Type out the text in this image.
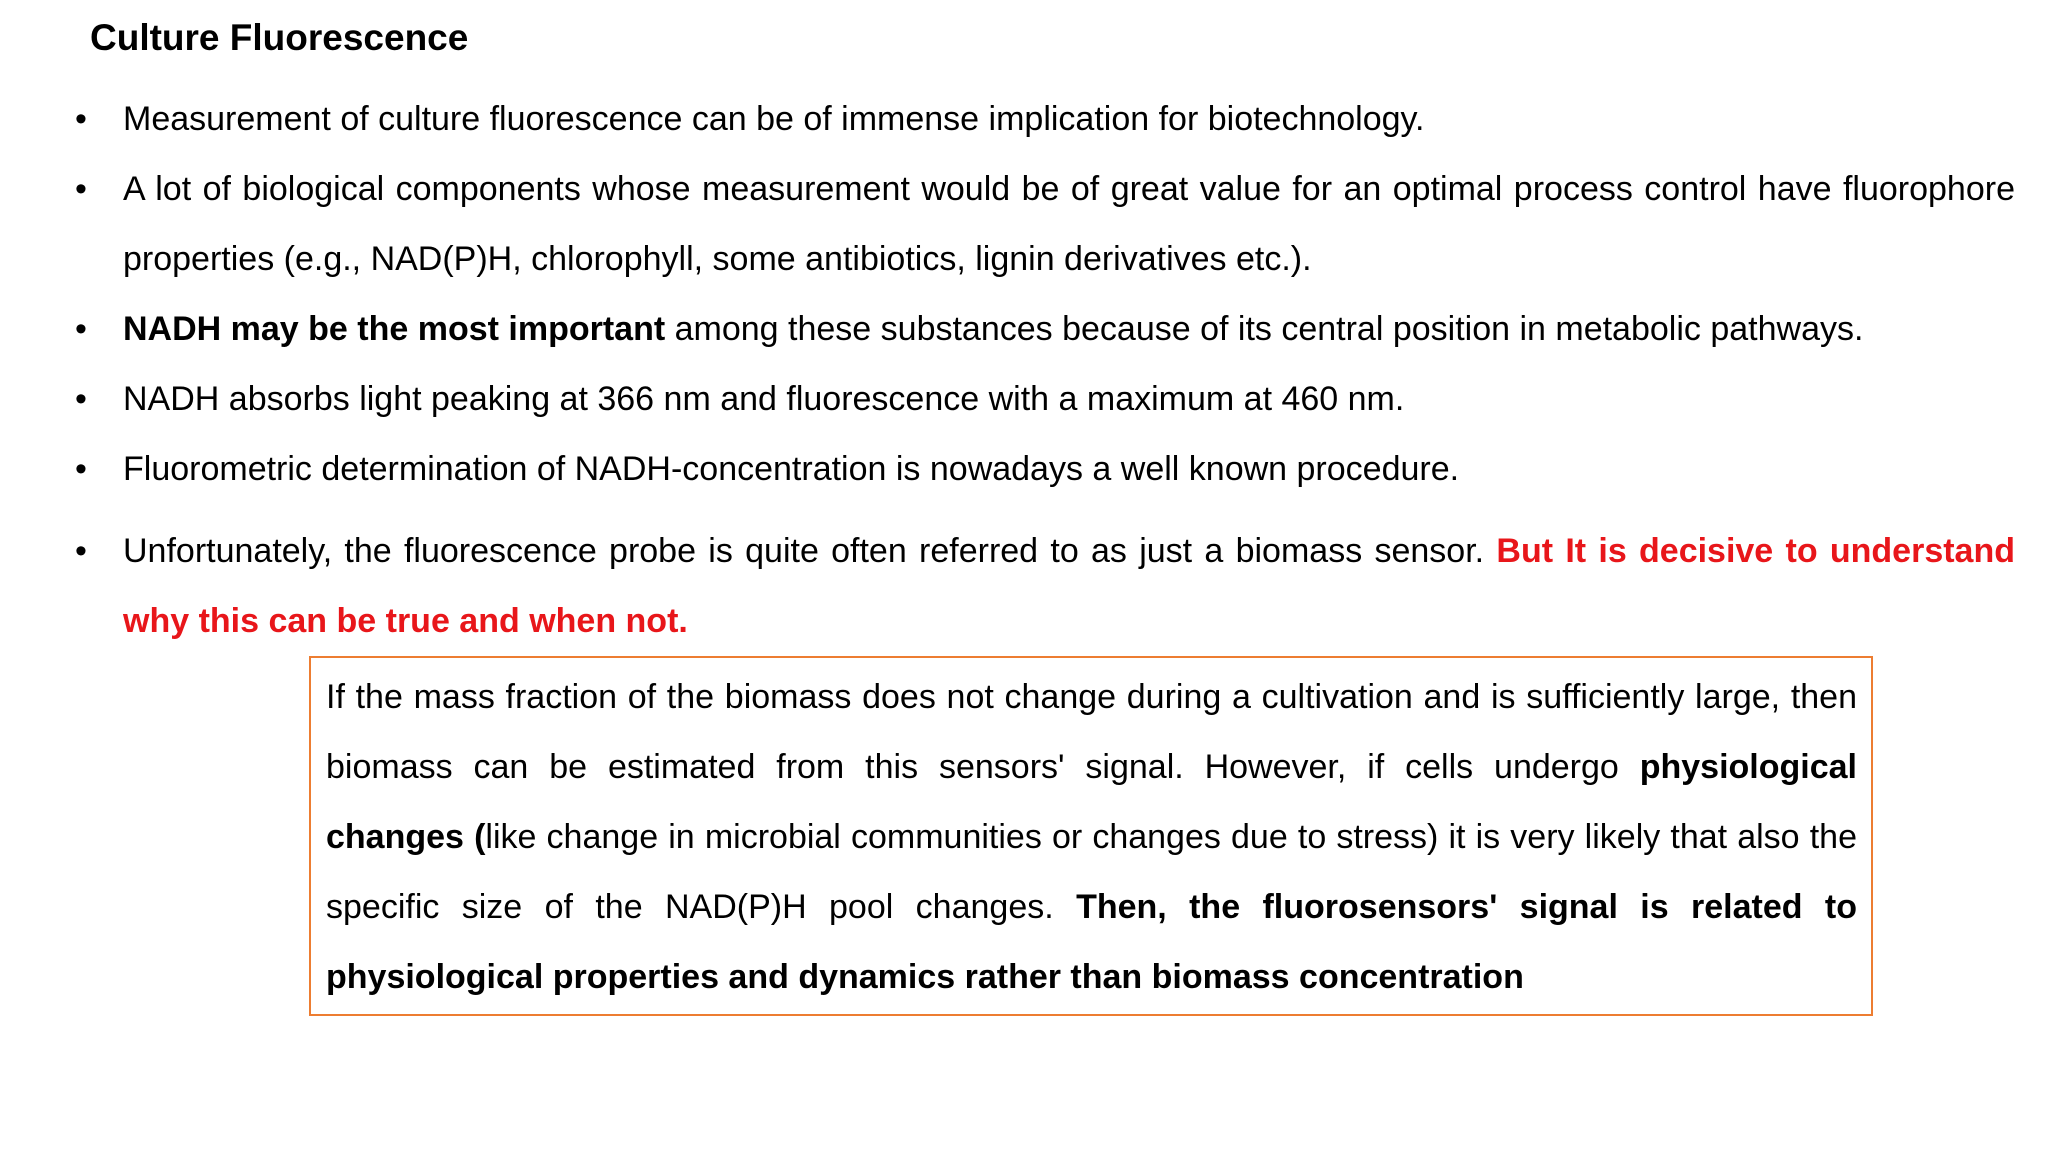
Culture Fluorescence
•	Measurement of culture fluorescence can be of immense implication for biotechnology.
•	A lot of biological components whose measurement would be of great value for an optimal process control have fluorophore properties (e.g., NAD(P)H, chlorophyll, some antibiotics, lignin derivatives etc.).
•	NADH may be the most important among these substances because of its central position in metabolic pathways.
•	NADH absorbs light peaking at 366 nm and fluorescence with a maximum at 460 nm.
•	Fluorometric determination of NADH-concentration is nowadays a well known procedure.
•	Unfortunately, the fluorescence probe is quite often referred to as just a biomass sensor. But It is decisive to understand why this can be true and when not.
If the mass fraction of the biomass does not change during a cultivation and is sufficiently large, then biomass can be estimated from this sensors' signal. However, if cells undergo physiological changes (like change in microbial communities or changes due to stress) it is very likely that also the specific size of the NAD(P)H pool changes. Then, the fluorosensors' signal is related to physiological properties and dynamics rather than biomass concentration
